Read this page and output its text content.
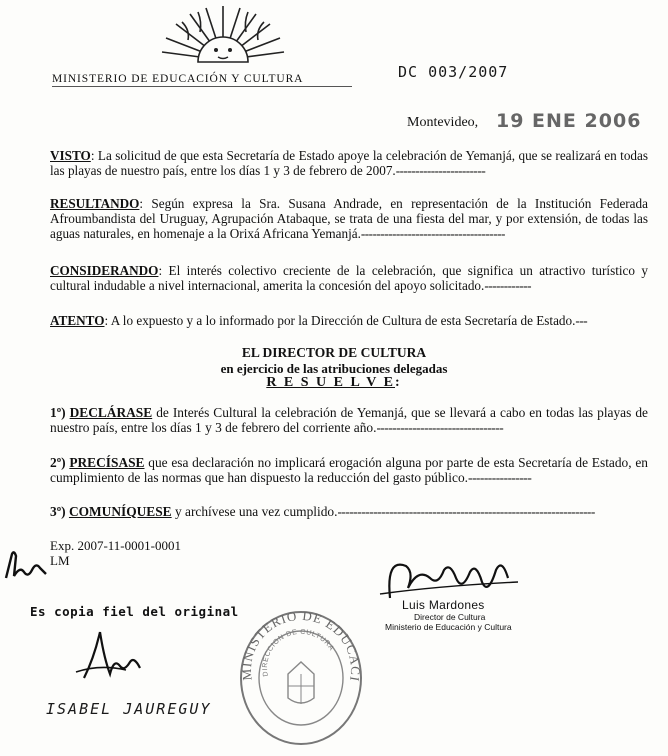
MINISTERIO DE EDUCACIÓN Y CULTURA	DC 003/2007
Montevideo, 19 ENE 2006

VISTO: La solicitud de que esta Secretaría de Estado apoye la celebración de Yemanjá, que se realizará en todas las playas de nuestro país, entre los días 1 y 3 de febrero de 2007.-----------------------

RESULTANDO: Según expresa la Sra. Susana Andrade, en representación de la Institución Federada Afroumbandista del Uruguay, Agrupación Atabaque, se trata de una fiesta del mar, y por extensión, de todas las aguas naturales, en homenaje a la Orixá Africana Yemanjá.-------------------------------------

CONSIDERANDO: El interés colectivo creciente de la celebración, que significa un atractivo turístico y cultural indudable a nivel internacional, amerita la concesión del apoyo solicitado.------------

ATENTO: A lo expuesto y a lo informado por la Dirección de Cultura de esta Secretaría de Estado.---

EL DIRECTOR DE CULTURA
en ejercicio de las atribuciones delegadas
R E S U E L V E:

1º) DECLÁRASE de Interés Cultural la celebración de Yemanjá, que se llevará a cabo en todas las playas de nuestro país, entre los días 1 y 3 de febrero del corriente año.--------------------------------

2º) PRECÍSASE que esa declaración no implicará erogación alguna por parte de esta Secretaría de Estado, en cumplimiento de las normas que han dispuesto la reducción del gasto público.----------------

3º) COMUNÍQUESE y archívese una vez cumplido.-----------------------------------------------------------------

Exp. 2007-11-0001-0001
LM
Es copia fiel del original	Luis Mardones
Director de Cultura
Ministerio de Educación y Cultura
MINISTERIO DE EDUCACI
DIRECCION DE CULTURA
ISABEL JAUREGUY
